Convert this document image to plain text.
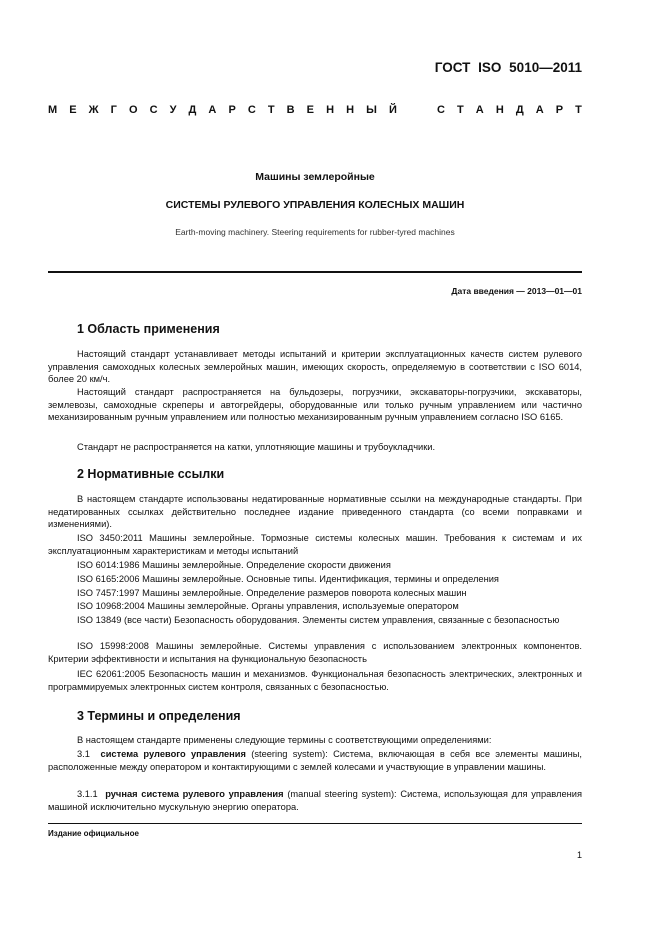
ГОСТ ISO 5010—2011
М Е Ж Г О С У Д А Р С Т В Е Н Н Ы Й	С Т А Н Д А Р Т
Машины землеройные
СИСТЕМЫ РУЛЕВОГО УПРАВЛЕНИЯ КОЛЕСНЫХ МАШИН
Earth-moving machinery. Steering requirements for rubber-tyred machines
Дата введения — 2013—01—01
1 Область применения

Настоящий стандарт устанавливает методы испытаний и критерии эксплуатационных качеств систем рулевого управления самоходных колесных землеройных машин, имеющих скорость, определяемую в соответствии с ISO 6014, более 20 км/ч.

Настоящий стандарт распространяется на бульдозеры, погрузчики, экскаваторы-погрузчики, экскаваторы, землевозы, самоходные скреперы и автогрейдеры, оборудованные или только ручным управлением или частично механизированным ручным управлением или полностью механизированным ручным управлением согласно ISO 6165.

Стандарт не распространяется на катки, уплотняющие машины и трубоукладчики.

2 Нормативные ссылки

В настоящем стандарте использованы недатированные нормативные ссылки на международные стандарты. При недатированных ссылках действительно последнее издание приведенного стандарта (со всеми поправками и изменениями).

ISO 3450:2011 Машины землеройные. Тормозные системы колесных машин. Требования к системам и их эксплуатационным характеристикам и методы испытаний

ISO 6014:1986 Машины землеройные. Определение скорости движения

ISO 6165:2006 Машины землеройные. Основные типы. Идентификация, термины и определения

ISO 7457:1997 Машины землеройные. Определение размеров поворота колесных машин

ISO 10968:2004 Машины землеройные. Органы управления, используемые оператором

ISO 13849 (все части) Безопасность оборудования. Элементы систем управления, связанные с безопасностью

ISO 15998:2008 Машины землеройные. Системы управления с использованием электронных компонентов. Критерии эффективности и испытания на функциональную безопасность

IEC 62061:2005 Безопасность машин и механизмов. Функциональная безопасность электрических, электронных и программируемых электронных систем контроля, связанных с безопасностью.

3 Термины и определения

В настоящем стандарте применены следующие термины с соответствующими определениями:

3.1 система рулевого управления (steering system): Система, включающая в себя все элементы машины, расположенные между оператором и контактирующими с землей колесами и участвующие в управлении машины.

3.1.1 ручная система рулевого управления (manual steering system): Система, использующая для управления машиной исключительно мускульную энергию оператора.

Издание официальное
1
